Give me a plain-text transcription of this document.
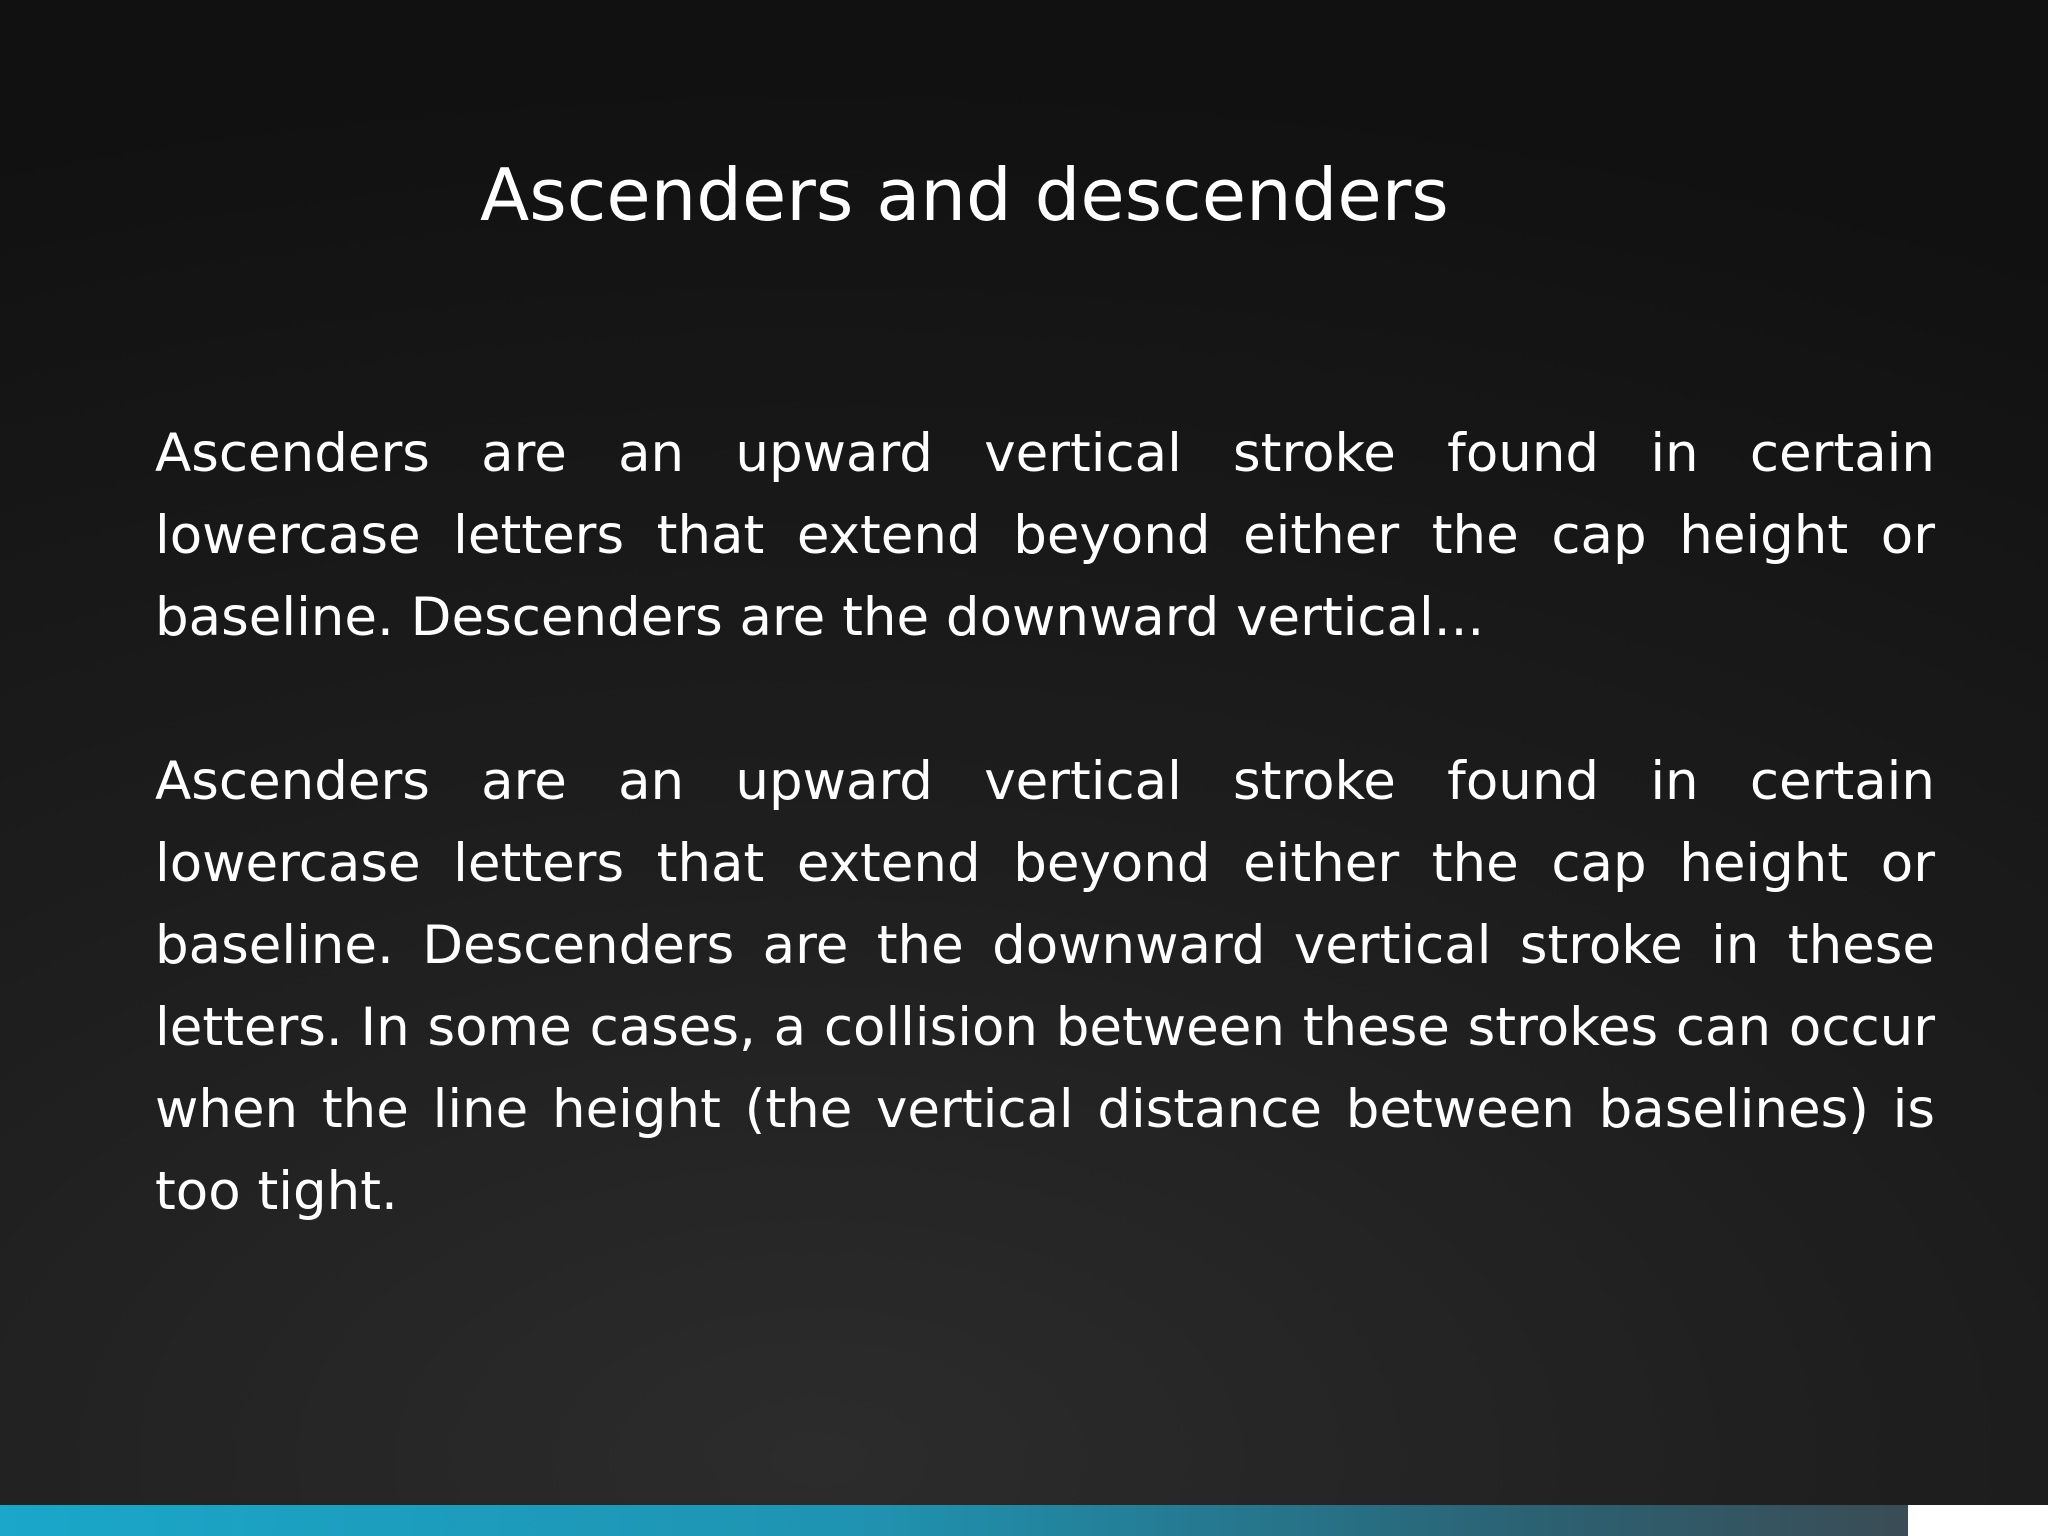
Ascenders and descenders

Ascenders are an upward vertical stroke found in certain lowercase letters that extend beyond either the cap height or baseline. Descenders are the downward vertical...

Ascenders are an upward vertical stroke found in certain lowercase letters that extend beyond either the cap height or baseline. Descenders are the downward vertical stroke in these letters. In some cases, a collision between these strokes can occur when the line height (the vertical distance between baselines) is too tight.
